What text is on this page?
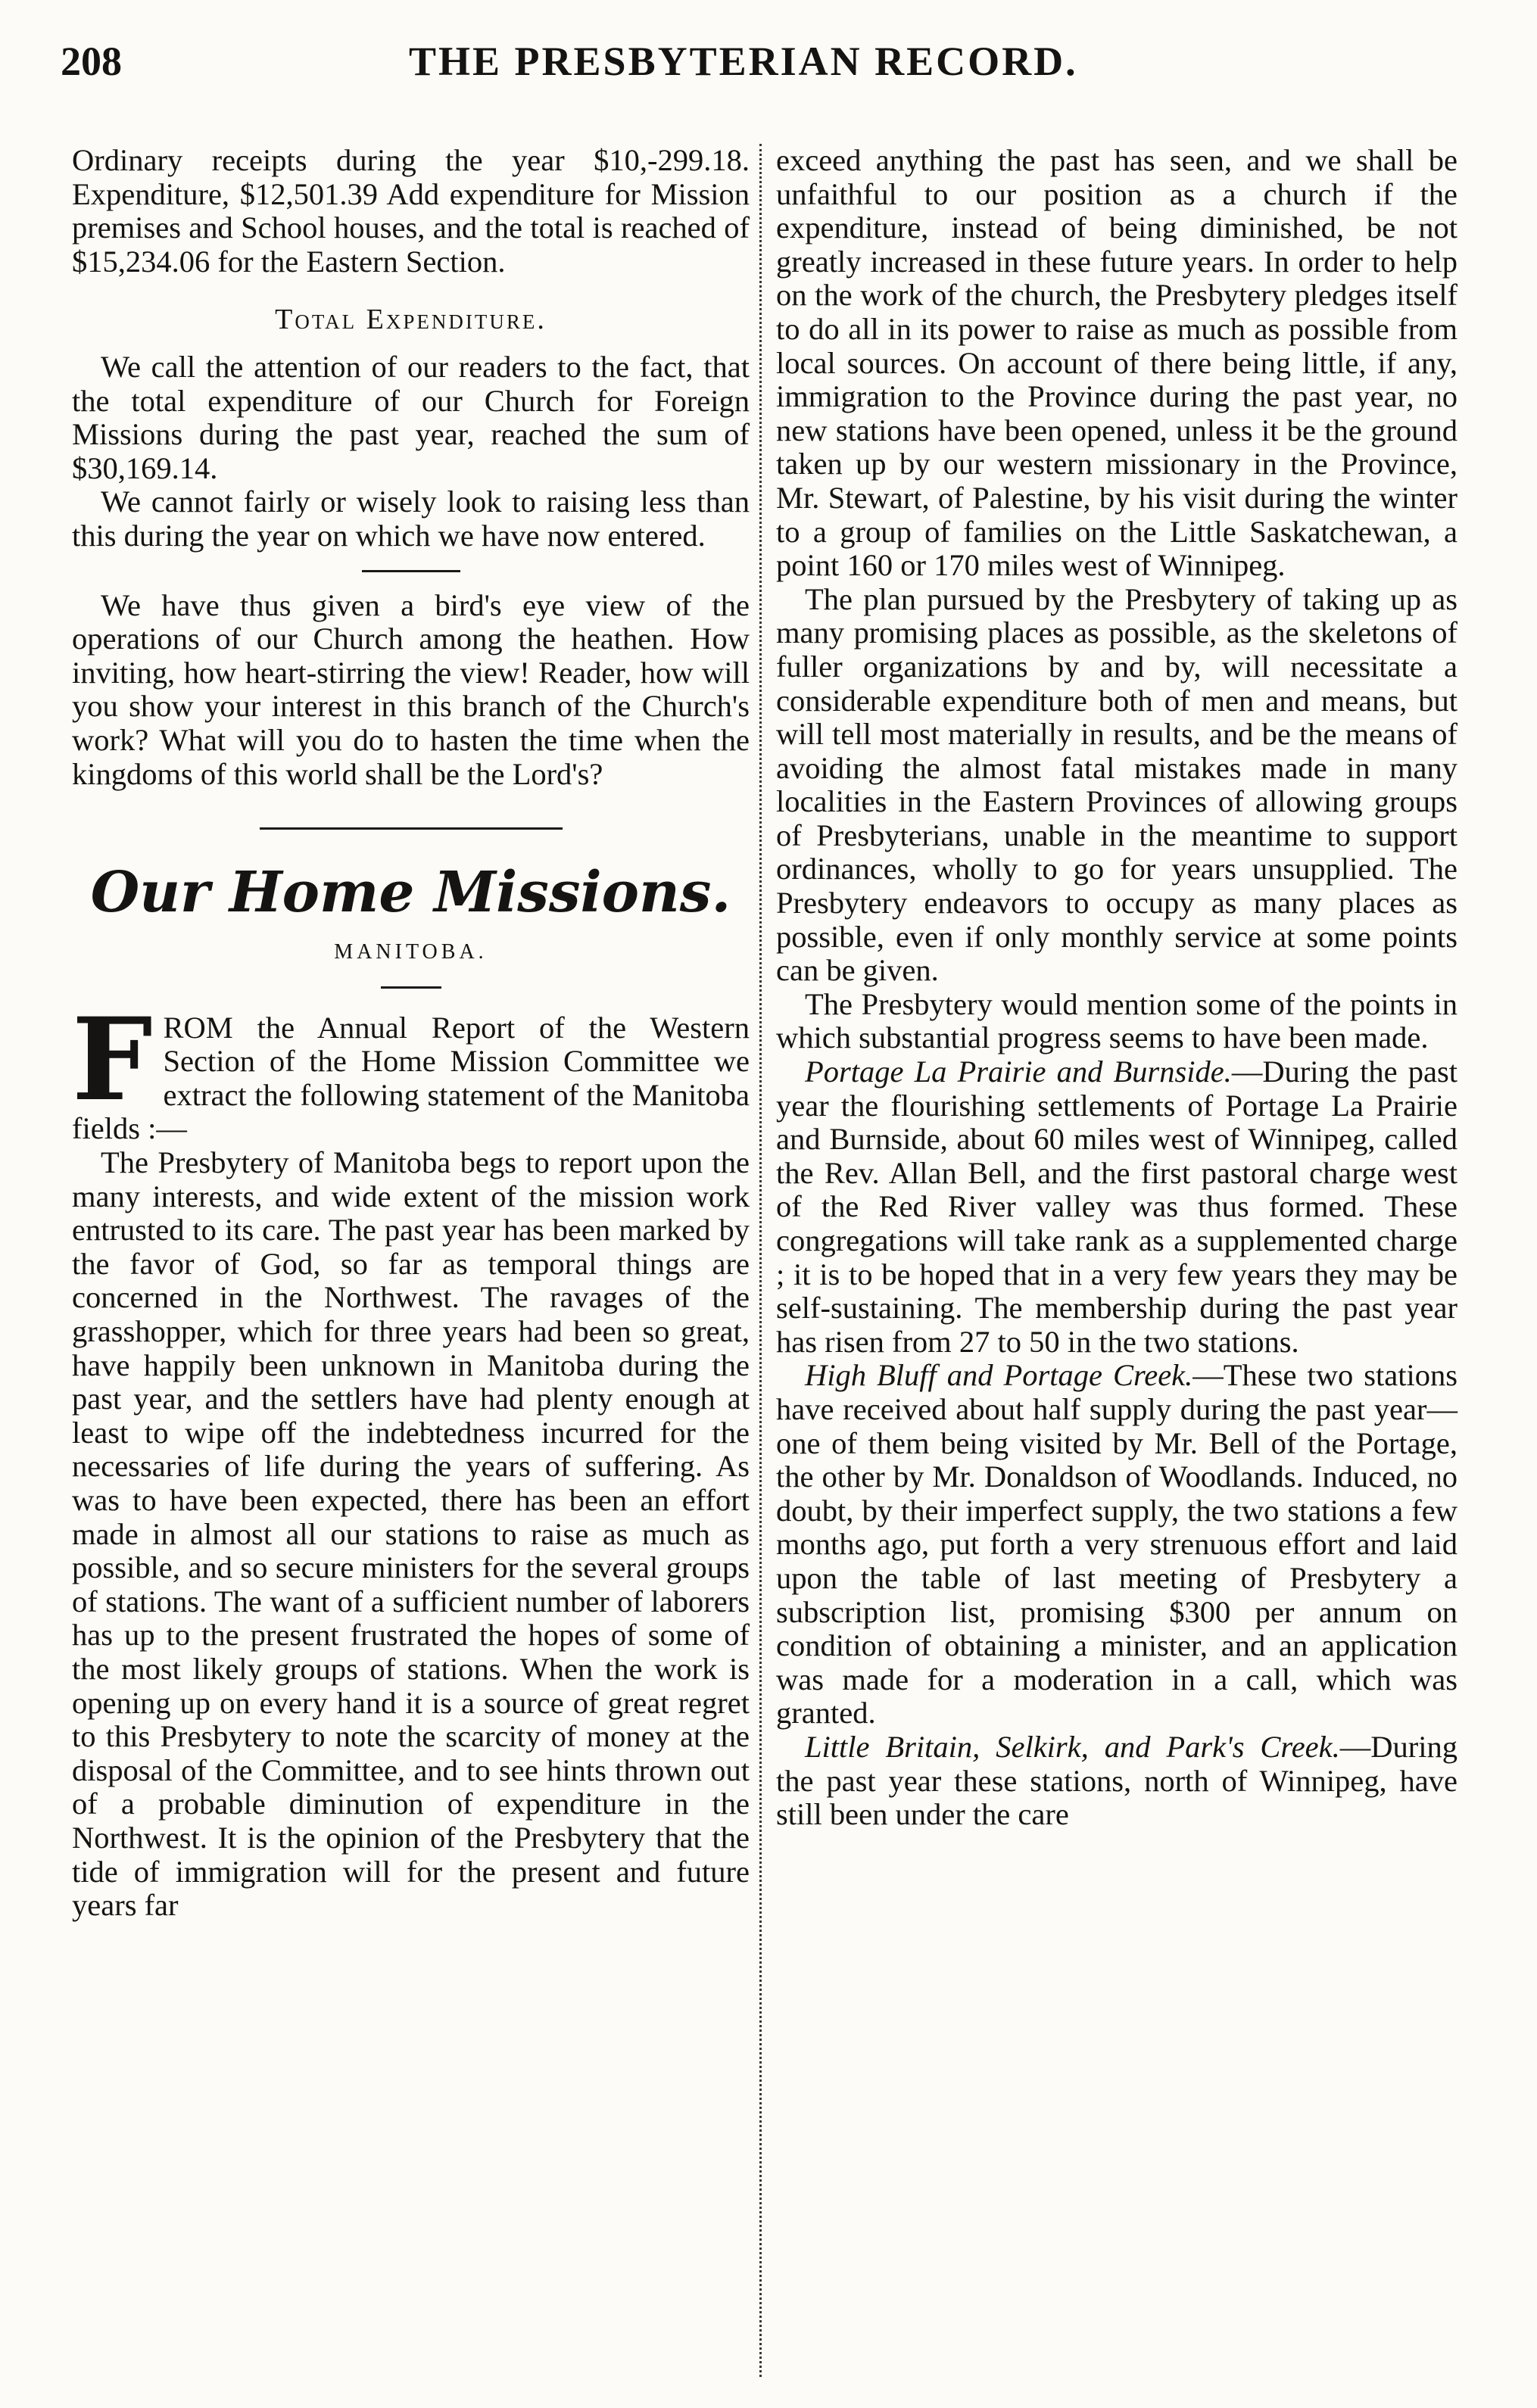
208	THE PRESBYTERIAN RECORD.

Ordinary receipts during the year $10,-299.18. Expenditure, $12,501.39 Add expenditure for Mission premises and School houses, and the total is reached of $15,234.06 for the Eastern Section.

Total Expenditure.

We call the attention of our readers to the fact, that the total expenditure of our Church for Foreign Missions during the past year, reached the sum of $30,169.14.

We cannot fairly or wisely look to raising less than this during the year on which we have now entered.

We have thus given a bird's eye view of the operations of our Church among the heathen. How inviting, how heart-stirring the view! Reader, how will you show your interest in this branch of the Church's work? What will you do to hasten the time when the kingdoms of this world shall be the Lord's?

Our Home Missions.
MANITOBA.

FROM the Annual Report of the Western Section of the Home Mission Committee we extract the following statement of the Manitoba fields :—

The Presbytery of Manitoba begs to report upon the many interests, and wide extent of the mission work entrusted to its care. The past year has been marked by the favor of God, so far as temporal things are concerned in the Northwest. The ravages of the grasshopper, which for three years had been so great, have happily been unknown in Manitoba during the past year, and the settlers have had plenty enough at least to wipe off the indebtedness incurred for the necessaries of life during the years of suffering. As was to have been expected, there has been an effort made in almost all our stations to raise as much as possible, and so secure ministers for the several groups of stations. The want of a sufficient number of laborers has up to the present frustrated the hopes of some of the most likely groups of stations. When the work is opening up on every hand it is a source of great regret to this Presbytery to note the scarcity of money at the disposal of the Committee, and to see hints thrown out of a probable diminution of expenditure in the Northwest. It is the opinion of the Presbytery that the tide of immigration will for the present and future years far

exceed anything the past has seen, and we shall be unfaithful to our position as a church if the expenditure, instead of being diminished, be not greatly increased in these future years. In order to help on the work of the church, the Presbytery pledges itself to do all in its power to raise as much as possible from local sources. On account of there being little, if any, immigration to the Province during the past year, no new stations have been opened, unless it be the ground taken up by our western missionary in the Province, Mr. Stewart, of Palestine, by his visit during the winter to a group of families on the Little Saskatchewan, a point 160 or 170 miles west of Winnipeg.

The plan pursued by the Presbytery of taking up as many promising places as possible, as the skeletons of fuller organizations by and by, will necessitate a considerable expenditure both of men and means, but will tell most materially in results, and be the means of avoiding the almost fatal mistakes made in many localities in the Eastern Provinces of allowing groups of Presbyterians, unable in the meantime to support ordinances, wholly to go for years unsupplied. The Presbytery endeavors to occupy as many places as possible, even if only monthly service at some points can be given.

The Presbytery would mention some of the points in which substantial progress seems to have been made.

Portage La Prairie and Burnside.—During the past year the flourishing settlements of Portage La Prairie and Burnside, about 60 miles west of Winnipeg, called the Rev. Allan Bell, and the first pastoral charge west of the Red River valley was thus formed. These congregations will take rank as a supplemented charge ; it is to be hoped that in a very few years they may be self-sustaining. The membership during the past year has risen from 27 to 50 in the two stations.

High Bluff and Portage Creek.—These two stations have received about half supply during the past year—one of them being visited by Mr. Bell of the Portage, the other by Mr. Donaldson of Woodlands. Induced, no doubt, by their imperfect supply, the two stations a few months ago, put forth a very strenuous effort and laid upon the table of last meeting of Presbytery a subscription list, promising $300 per annum on condition of obtaining a minister, and an application was made for a moderation in a call, which was granted.

Little Britain, Selkirk, and Park's Creek.—During the past year these stations, north of Winnipeg, have still been under the care
